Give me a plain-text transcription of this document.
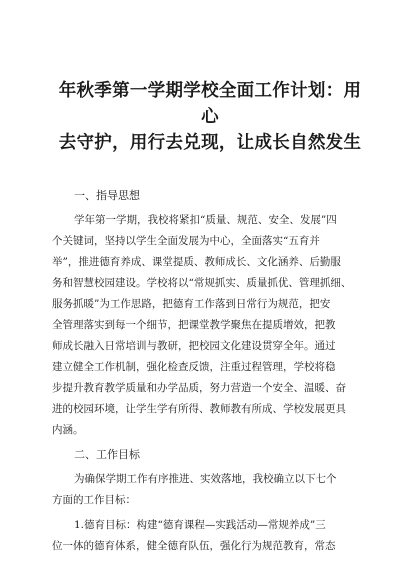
年秋季第一学期学校全面工作计划：用心
去守护，用行去兑现，让成长自然发生
一、指导思想
学年第一学期，我校将紧扣“质量、规范、安全、发展”四
个关键词，坚持以学生全面发展为中心，全面落实“五育并
举”，推进德育养成、课堂提质、教师成长、文化涵养、后勤服
务和智慧校园建设。学校将以“常规抓实、质量抓优、管理抓细、
服务抓暖”为工作思路，把德育工作落到日常行为规范，把安
全管理落实到每一个细节，把课堂教学聚焦在提质增效，把教
师成长融入日常培训与教研，把校园文化建设贯穿全年。通过
建立健全工作机制，强化检查反馈，注重过程管理，学校将稳
步提升教育教学质量和办学品质，努力营造一个安全、温暖、奋
进的校园环境，让学生学有所得、教师教有所成、学校发展更具
内涵。
二、工作目标
为确保学期工作有序推进、实效落地，我校确立以下七个
方面的工作目标：
1.德育目标：构建“德育课程—实践活动—常规养成”三
位一体的德育体系，健全德育队伍，强化行为规范教育，常态
